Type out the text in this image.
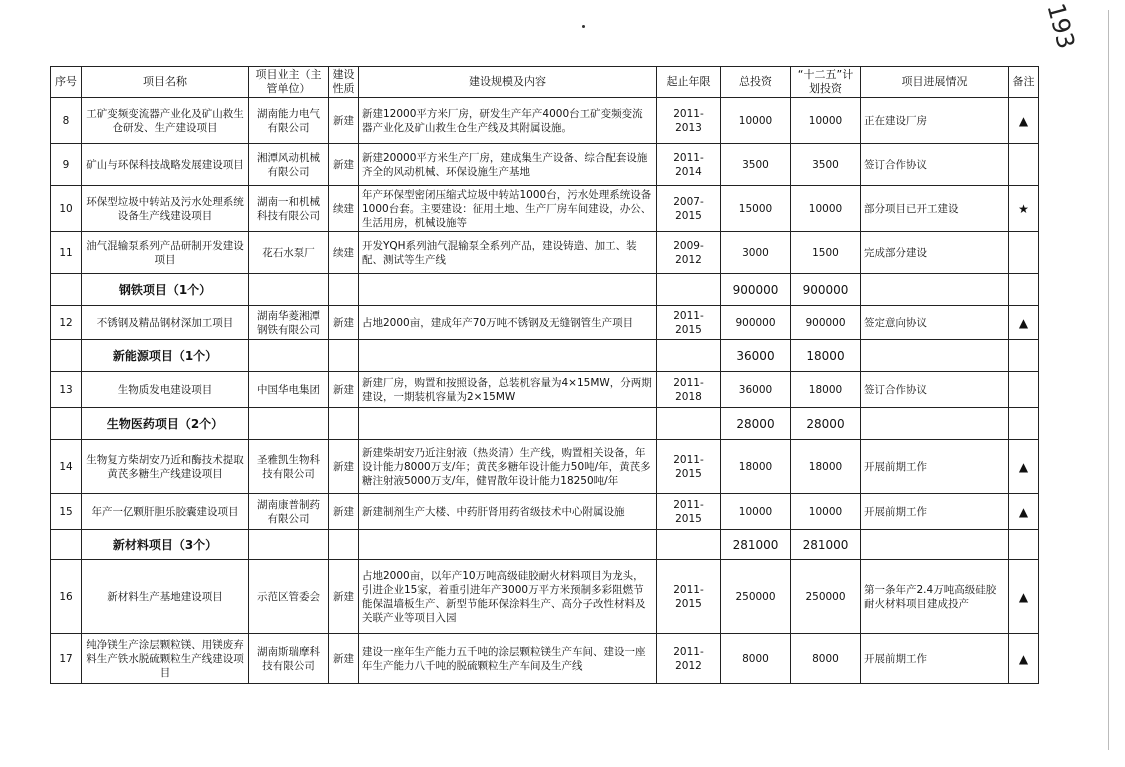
193
序号	项目名称	项目业主（主管单位）	建设性质	建设规模及内容	起止年限	总投资	“十二五”计划投资	项目进展情况	备注
8	工矿变频变流器产业化及矿山救生仓研发、生产建设项目	湖南能力电气有限公司	新建	新建12000平方米厂房，研发生产年产4000台工矿变频变流器产业化及矿山救生仓生产线及其附属设施。	2011-2013	10000	10000	正在建设厂房	▲
9	矿山与环保科技战略发展建设项目	湘潭风动机械有限公司	新建	新建20000平方米生产厂房，建成集生产设备、综合配套设施齐全的风动机械、环保设施生产基地	2011-2014	3500	3500	签订合作协议	
10	环保型垃圾中转站及污水处理系统设备生产线建设项目	湖南一和机械科技有限公司	续建	年产环保型密闭压缩式垃圾中转站1000台，污水处理系统设备1000台套。主要建设：征用土地、生产厂房车间建设，办公、生活用房，机械设施等	2007-2015	15000	10000	部分项目已开工建设	★
11	油气混输泵系列产品研制开发建设项目	花石水泵厂	续建	开发YQH系列油气混输泵全系列产品，建设铸造、加工、装配、测试等生产线	2009-2012	3000	1500	完成部分建设	
	钢铁项目（1个）					900000	900000		
12	不锈钢及精品钢材深加工项目	湖南华菱湘潭钢铁有限公司	新建	占地2000亩，建成年产70万吨不锈钢及无缝钢管生产项目	2011-2015	900000	900000	签定意向协议	▲
	新能源项目（1个）					36000	18000		
13	生物质发电建设项目	中国华电集团	新建	新建厂房，购置和按照设备，总装机容量为4×15MW，分两期建设，一期装机容量为2×15MW	2011-2018	36000	18000	签订合作协议	
	生物医药项目（2个）					28000	28000		
14	生物复方柴胡安乃近和酶技术提取黄芪多糖生产线建设项目	圣雅凯生物科技有限公司	新建	新建柴胡安乃近注射液（热炎清）生产线，购置相关设备，年设计能力8000万支/年；黄芪多糖年设计能力50吨/年，黄芪多糖注射液5000万支/年，健胃散年设计能力18250吨/年	2011-2015	18000	18000	开展前期工作	▲
15	年产一亿颗肝胆乐胶囊建设项目	湖南康普制药有限公司	新建	新建制剂生产大楼、中药肝肾用药省级技术中心附属设施	2011-2015	10000	10000	开展前期工作	▲
	新材料项目（3个）					281000	281000		
16	新材料生产基地建设项目	示范区管委会	新建	占地2000亩，以年产10万吨高级硅胶耐火材料项目为龙头，引进企业15家，着重引进年产3000万平方米预制多彩阻燃节能保温墙板生产、新型节能环保涂料生产、高分子改性材料及关联产业等项目入园	2011-2015	250000	250000	第一条年产2.4万吨高级硅胶耐火材料项目建成投产	▲
17	纯净镁生产涂层颗粒镁、用镁废弃料生产铁水脱硫颗粒生产线建设项目	湖南斯瑞摩科技有限公司	新建	建设一座年生产能力五千吨的涂层颗粒镁生产车间、建设一座年生产能力八千吨的脱硫颗粒生产车间及生产线	2011-2012	8000	8000	开展前期工作	▲
